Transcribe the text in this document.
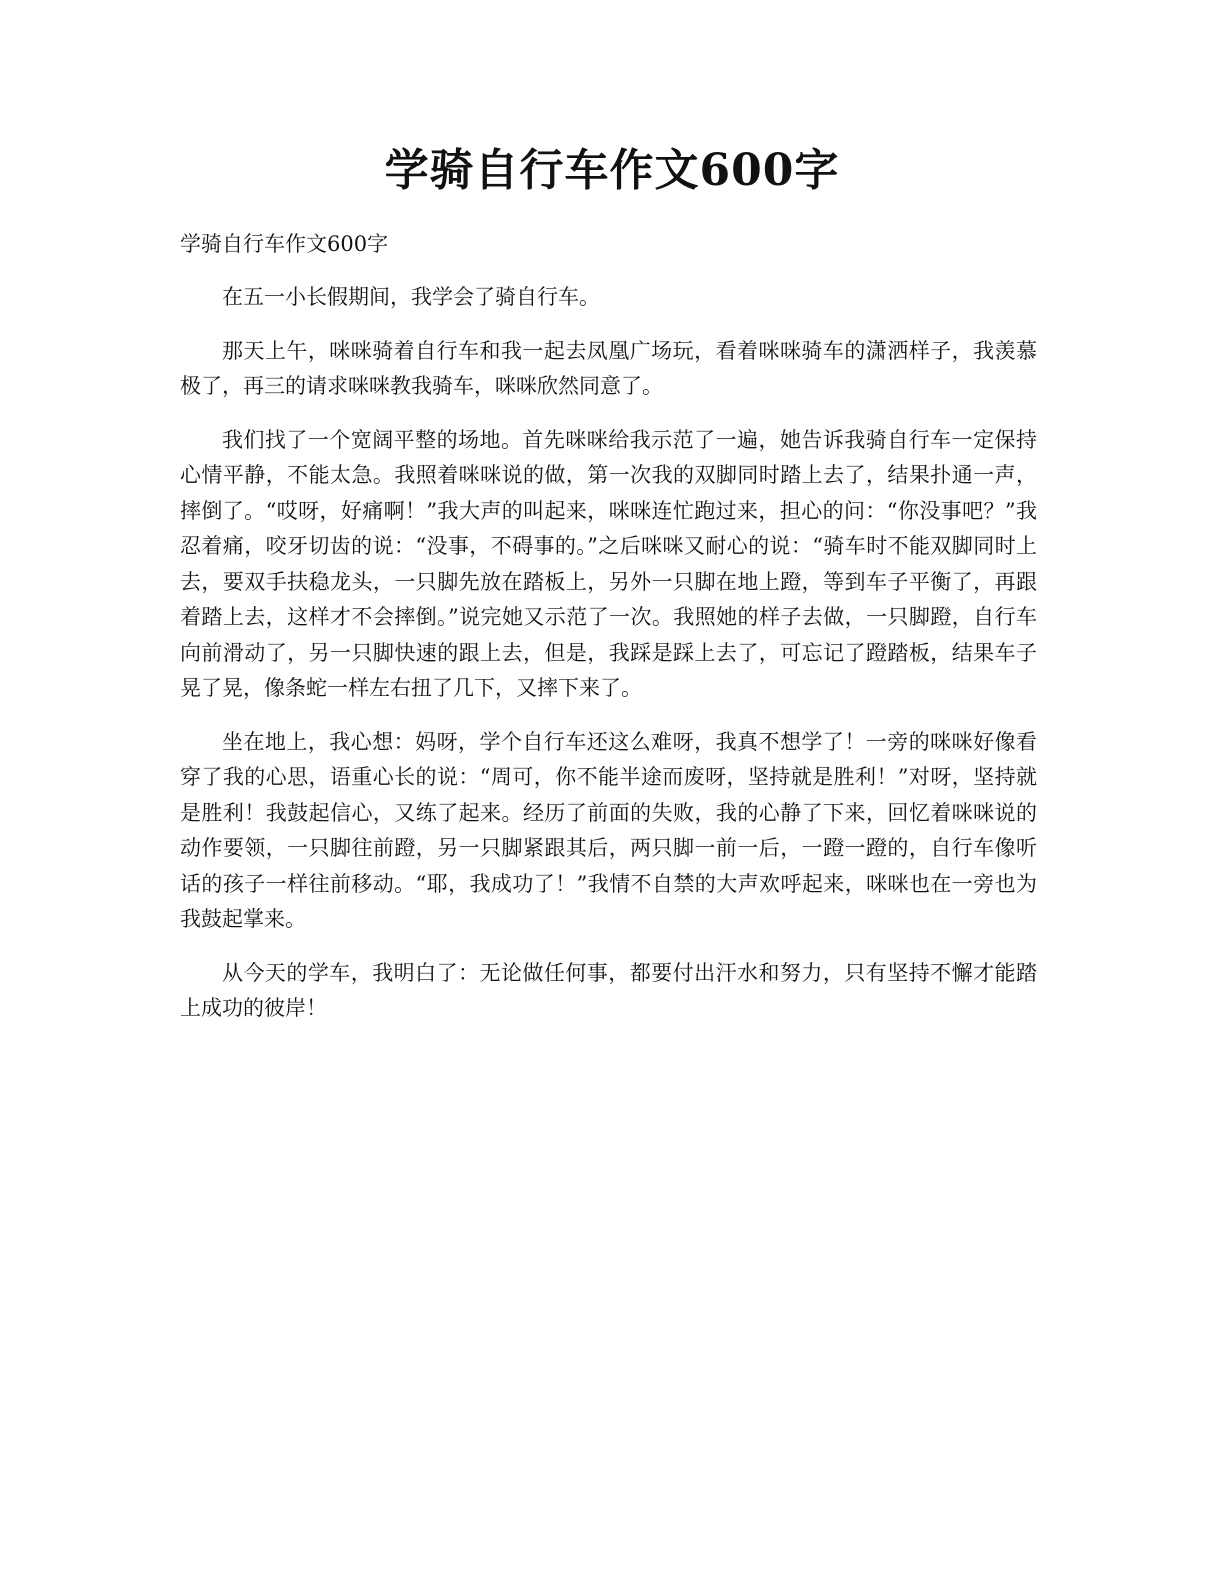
学骑自行车作文600字

学骑自行车作文600字

在五一小长假期间，我学会了骑自行车。

那天上午，咪咪骑着自行车和我一起去凤凰广场玩，看着咪咪骑车的潇洒样子，我羡慕极了，再三的请求咪咪教我骑车，咪咪欣然同意了。

我们找了一个宽阔平整的场地。首先咪咪给我示范了一遍，她告诉我骑自行车一定保持心情平静，不能太急。我照着咪咪说的做，第一次我的双脚同时踏上去了，结果扑通一声，摔倒了。“哎呀，好痛啊！”我大声的叫起来，咪咪连忙跑过来，担心的问：“你没事吧？”我忍着痛，咬牙切齿的说：“没事，不碍事的。”之后咪咪又耐心的说：“骑车时不能双脚同时上去，要双手扶稳龙头，一只脚先放在踏板上，另外一只脚在地上蹬，等到车子平衡了，再跟着踏上去，这样才不会摔倒。”说完她又示范了一次。我照她的样子去做，一只脚蹬，自行车向前滑动了，另一只脚快速的跟上去，但是，我踩是踩上去了，可忘记了蹬踏板，结果车子晃了晃，像条蛇一样左右扭了几下，又摔下来了。

坐在地上，我心想：妈呀，学个自行车还这么难呀，我真不想学了！一旁的咪咪好像看穿了我的心思，语重心长的说：“周可，你不能半途而废呀，坚持就是胜利！”对呀，坚持就是胜利！我鼓起信心，又练了起来。经历了前面的失败，我的心静了下来，回忆着咪咪说的动作要领，一只脚往前蹬，另一只脚紧跟其后，两只脚一前一后，一蹬一蹬的，自行车像听话的孩子一样往前移动。“耶，我成功了！”我情不自禁的大声欢呼起来，咪咪也在一旁也为我鼓起掌来。

从今天的学车，我明白了：无论做任何事，都要付出汗水和努力，只有坚持不懈才能踏上成功的彼岸！
